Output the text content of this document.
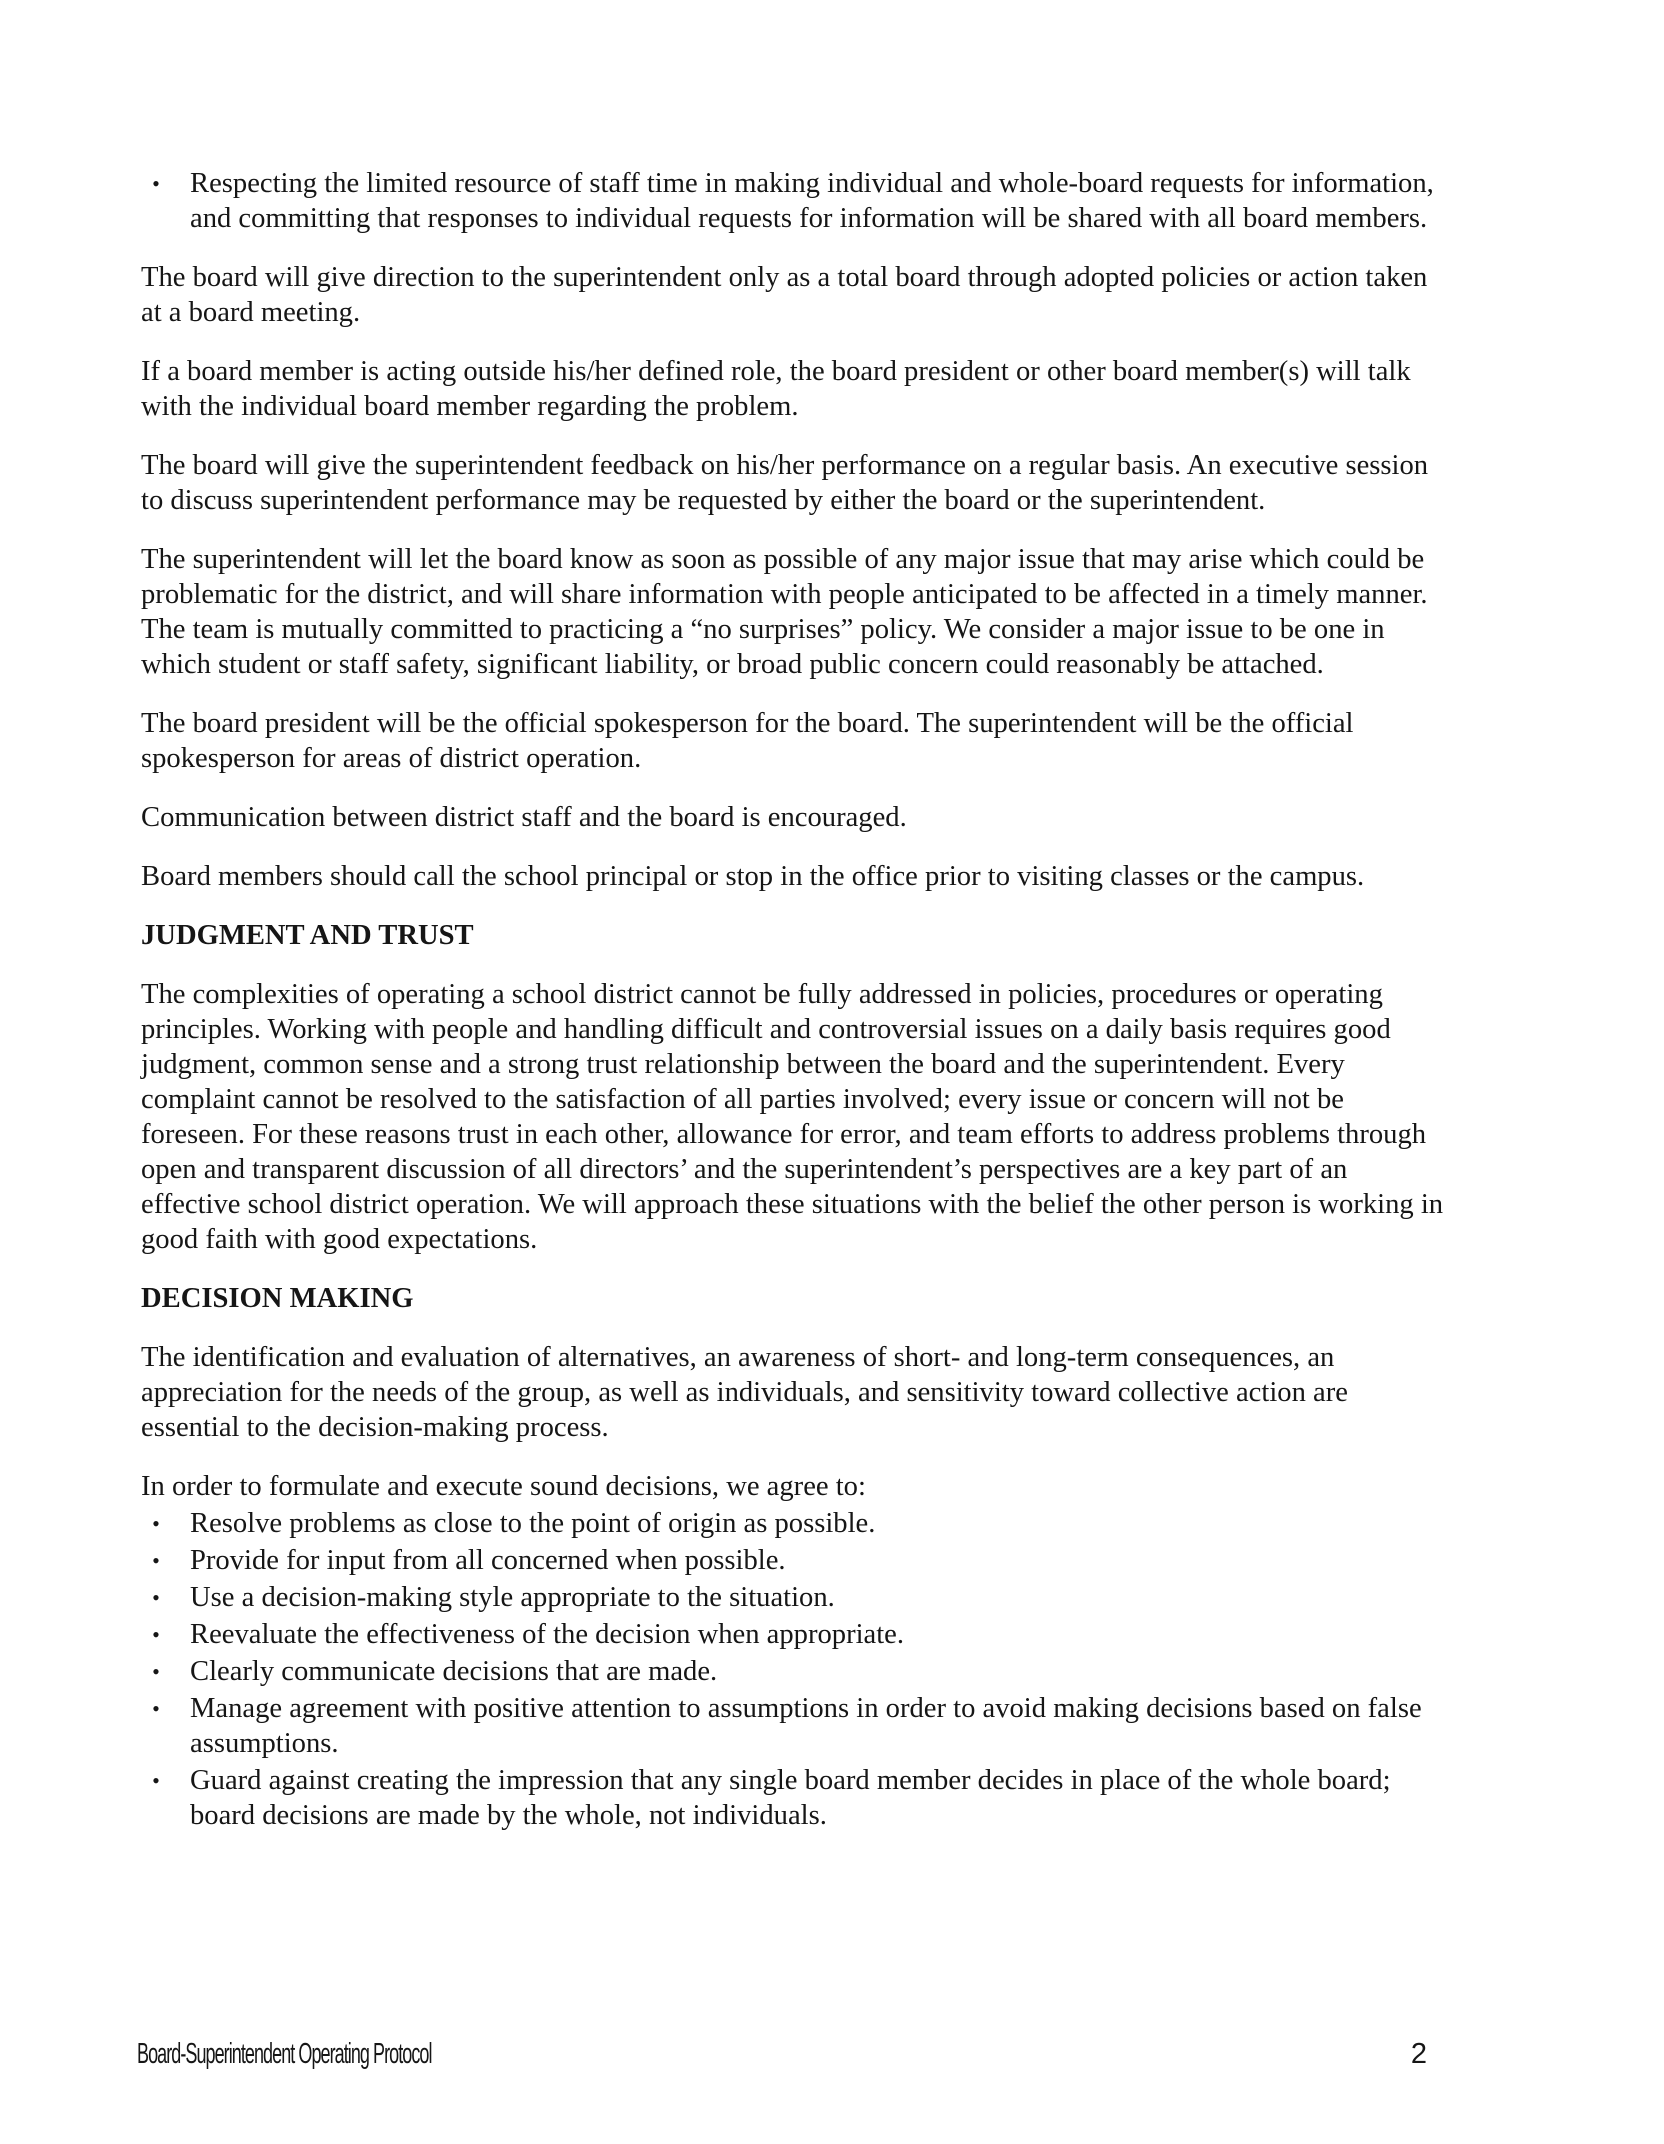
•	Respecting the limited resource of staff time in making individual and whole-board requests for information, and committing that responses to individual requests for information will be shared with all board members.

The board will give direction to the superintendent only as a total board through adopted policies or action taken at a board meeting.

If a board member is acting outside his/her defined role, the board president or other board member(s) will talk with the individual board member regarding the problem.

The board will give the superintendent feedback on his/her performance on a regular basis. An executive session to discuss superintendent performance may be requested by either the board or the superintendent.

The superintendent will let the board know as soon as possible of any major issue that may arise which could be problematic for the district, and will share information with people anticipated to be affected in a timely manner. The team is mutually committed to practicing a “no surprises” policy. We consider a major issue to be one in which student or staff safety, significant liability, or broad public concern could reasonably be attached.

The board president will be the official spokesperson for the board. The superintendent will be the official spokesperson for areas of district operation.

Communication between district staff and the board is encouraged.

Board members should call the school principal or stop in the office prior to visiting classes or the campus.

JUDGMENT AND TRUST

The complexities of operating a school district cannot be fully addressed in policies, procedures or operating principles. Working with people and handling difficult and controversial issues on a daily basis requires good judgment, common sense and a strong trust relationship between the board and the superintendent. Every complaint cannot be resolved to the satisfaction of all parties involved; every issue or concern will not be foreseen. For these reasons trust in each other, allowance for error, and team efforts to address problems through open and transparent discussion of all directors’ and the superintendent’s perspectives are a key part of an effective school district operation. We will approach these situations with the belief the other person is working in good faith with good expectations.

DECISION MAKING

The identification and evaluation of alternatives, an awareness of short- and long-term consequences, an appreciation for the needs of the group, as well as individuals, and sensitivity toward collective action are essential to the decision-making process.

In order to formulate and execute sound decisions, we agree to:

•	Resolve problems as close to the point of origin as possible.
•	Provide for input from all concerned when possible.
•	Use a decision-making style appropriate to the situation.
•	Reevaluate the effectiveness of the decision when appropriate.
•	Clearly communicate decisions that are made.
•	Manage agreement with positive attention to assumptions in order to avoid making decisions based on false assumptions.
•	Guard against creating the impression that any single board member decides in place of the whole board; board decisions are made by the whole, not individuals.
Board-Superintendent Operating Protocol	2
